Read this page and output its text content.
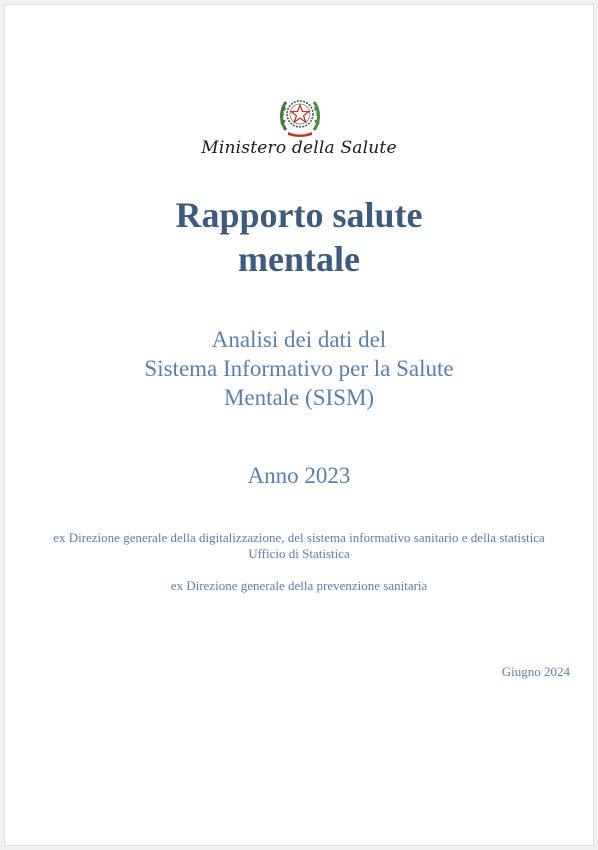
Ministero della Salute
Rapporto salute
mentale
Analisi dei dati del
Sistema Informativo per la Salute
Mentale (SISM)
Anno 2023
ex Direzione generale della digitalizzazione, del sistema informativo sanitario e della statistica
Ufficio di Statistica
ex Direzione generale della prevenzione sanitaria
Giugno 2024
